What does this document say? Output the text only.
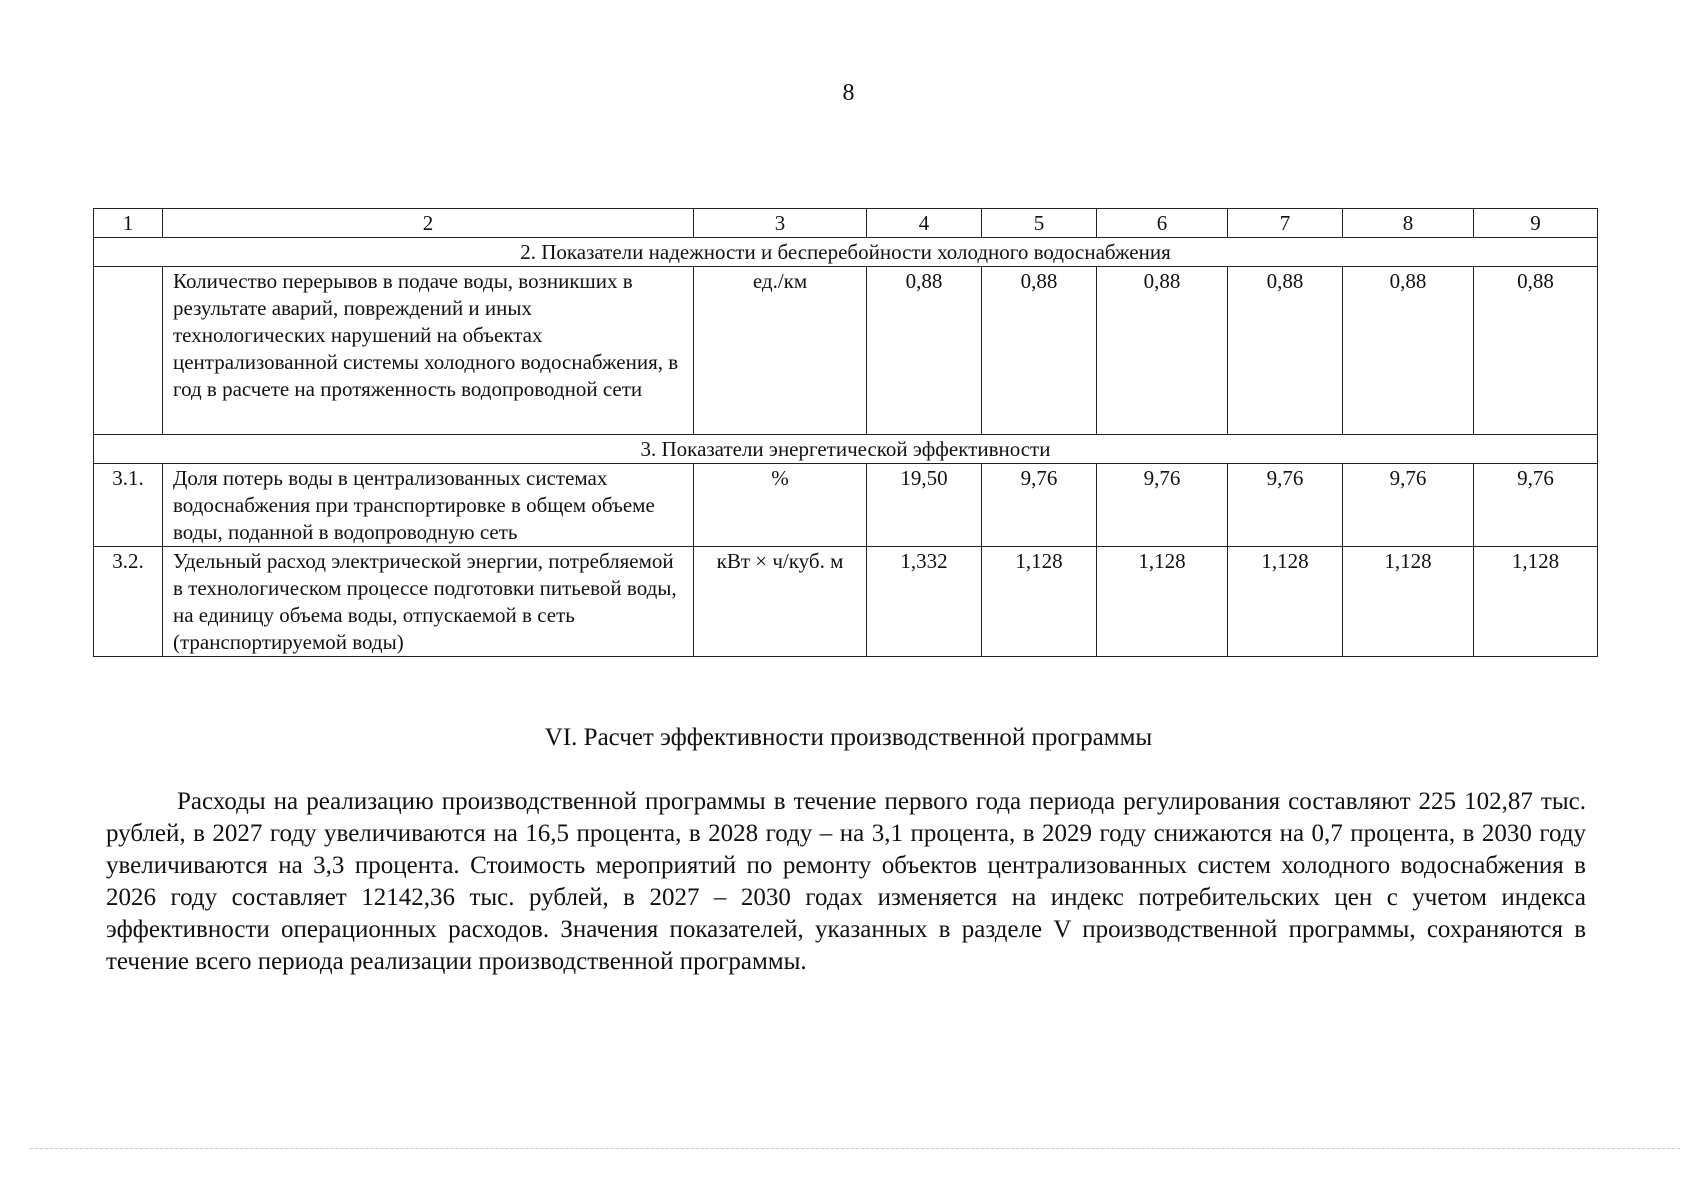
8
1	2	3	4	5	6	7	8	9
2. Показатели надежности и бесперебойности холодного водоснабжения								
	Количество перерывов в подаче воды, возникших в результате аварий, повреждений и иных технологических нарушений на объектах централизованной системы холодного водоснабжения, в год в расчете на протяженность водопроводной сети	ед./км	0,88	0,88	0,88	0,88	0,88	0,88
3. Показатели энергетической эффективности								
3.1.	Доля потерь воды в централизованных системах водоснабжения при транспортировке в общем объеме воды, поданной в водопроводную сеть	%	19,50	9,76	9,76	9,76	9,76	9,76
3.2.	Удельный расход электрической энергии, потребляемой в технологическом процессе подготовки питьевой воды, на единицу объема воды, отпускаемой в сеть (транспортируемой воды)	кВт × ч/куб. м	1,332	1,128	1,128	1,128	1,128	1,128
VI. Расчет эффективности производственной программы

Расходы на реализацию производственной программы в течение первого года периода регулирования составляют 225 102,87 тыс. рублей, в 2027 году увеличиваются на 16,5 процента, в 2028 году – на 3,1 процента, в 2029 году снижаются на 0,7 процента, в 2030 году увеличиваются на 3,3 процента. Стоимость мероприятий по ремонту объектов централизованных систем холодного водоснабжения в 2026 году составляет 12142,36 тыс. рублей, в 2027 – 2030 годах изменяется на индекс потребительских цен с учетом индекса эффективности операционных расходов. Значения показателей, указанных в разделе V производственной программы, сохраняются в течение всего периода реализации производственной программы.
